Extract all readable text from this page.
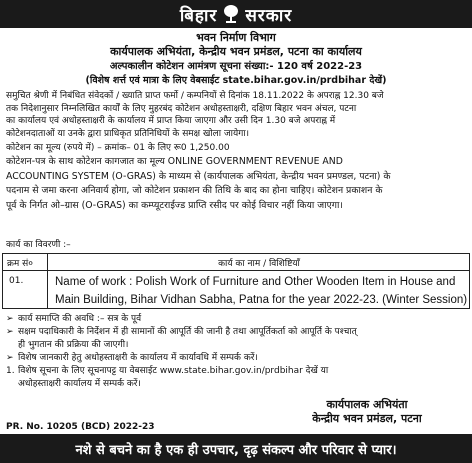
बिहार सरकार
भवन निर्माण विभाग
कार्यपालक अभियंता, केन्द्रीय भवन प्रमंडल, पटना का कार्यालय
अल्पकालीन कोटेशन आमंत्रण सूचना संख्या:- 120 वर्ष 2022-23
(विशेष शर्त्त एवं मात्रा के लिए वेबसाईट state.bihar.gov.in/prdbihar देखें)
समुचित श्रेणी में निबंधित संवेदकों / ख्याति प्राप्त फर्मो / कम्पनियों से दिनांक 18.11.2022 के अपराह्न 12.30 बजे
तक निदेशानुसार निम्नलिखित कार्यों के लिए मुहरबंद कोटेशन अधोहस्ताक्षरी, दक्षिण बिहार भवन अंचल, पटना
का कार्यालय एवं अधोहस्ताक्षरी के कार्यालय में प्राप्त किया जाएगा और उसी दिन 1.30 बजे अपराह्न में
कोटेशनदाताओं या उनके द्वारा प्राधिकृत प्रतिनिधियों के समक्ष खोला जायेगा।
कोटेशन का मूल्य (रुपये में) – क्रमांक– 01 के लिए रू0 1,250.00
कोटेशन-पत्र के साथ कोटेशन कागजात का मूल्य ONLINE GOVERNMENT REVENUE AND
ACCOUNTING SYSTEM (O-GRAS) के माध्यम से (कार्यपालक अभियंता, केन्द्रीय भवन प्रमण्डल, पटना) के
पदनाम से जमा करना अनिवार्य होगा, जो कोटेशन प्रकाशन की तिथि के बाद का होना चाहिए। कोटेशन प्रकाशन के
पूर्व के निर्गत ओ–ग्रास (O-GRAS) का कम्प्यूटराईज्ड प्राप्ति रसीद पर कोई विचार नहीं किया जाएगा।
कार्य का विवरणी :–
क्रम सं०	कार्य का नाम / विशिष्टियाँ
01.	Name of work : Polish Work of Furniture and Other Wooden Item in House and
Main Building, Bihar Vidhan Sabha, Patna for the year 2022-23. (Winter Session)
➢ कार्य समाप्ति की अवधि :– सत्र के पूर्व
➢ सक्षम पदाधिकारी के निर्देशन में ही सामानों की आपूर्ति की जानी है तथा आपूर्तिकर्ता को आपूर्ति के पश्चात्
ही भुगतान की प्रक्रिया की जाएगी।
➢ विशेष जानकारी हेतु अधोहस्ताक्षरी के कार्यालय में कार्यावधि में सम्पर्क करें।
1. विशेष सूचना के लिए सूचनापट्ट या वेबसाईट www.state.bihar.gov.in/prdbihar देखें या
अधोहस्ताक्षरी कार्यालय में सम्पर्क करें।
कार्यपालक अभियंता
केन्द्रीय भवन प्रमंडल, पटना
PR. No. 10205 (BCD) 2022-23
नशे से बचने का है एक ही उपचार, दृढ़ संकल्प और परिवार से प्यार।
